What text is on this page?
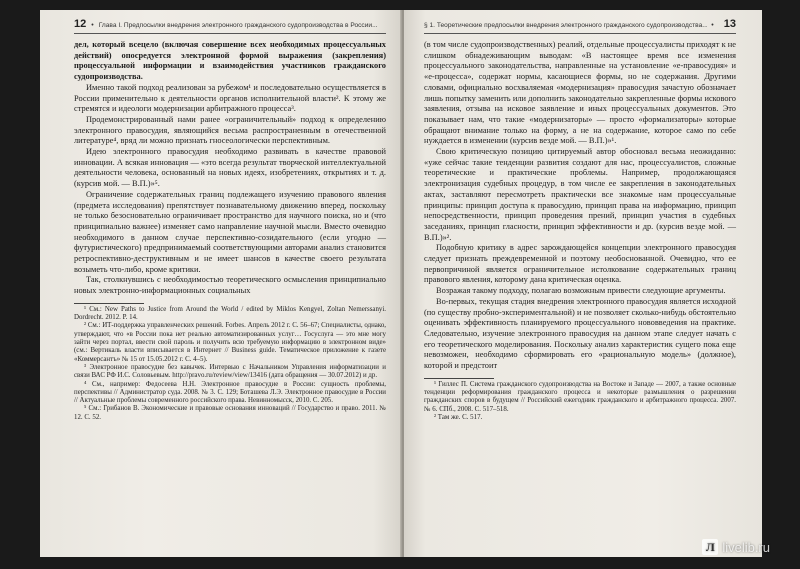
12 • Глава I. Предпосылки внедрения электронного гражданского судопроизводства в России...

дел, который всецело (включая совершение всех необходимых процессуальных действий) опосредуется электронной формой выражения (закрепления) процессуальной информации и взаимодействия участников гражданского судопроизводства.

Именно такой подход реализован за рубежом¹ и последовательно осуществляется в России применительно к деятельности органов исполнительной власти². К этому же стремятся и идеологи модернизации арбитражного процесса³.

Продемонстрированный нами ранее «ограничительный» подход к определению электронного правосудия, являющийся весьма распространенным в отечественной литературе⁴, вряд ли можно признать гносеологически перспективным.

Идею электронного правосудия необходимо развивать в качестве правовой инновации. А всякая инновация — «это всегда результат творческой интеллектуальной деятельности человека, основанный на новых идеях, изобретениях, открытиях и т. д. (курсив мой. — В.П.)»⁵.

Ограничение содержательных границ подлежащего изучению правового явления (предмета исследования) препятствует познавательному движению вперед, поскольку не только безосновательно ограничивает пространство для научного поиска, но и (что принципиально важнее) изменяет само направление научной мысли. Вместо очевидно необходимого в данном случае перспективно-созидательного (если угодно — футуристического) предпринимаемый соответствующими авторами анализ становится ретроспективно-деструктивным и не имеет шансов в качестве своего результата возыметь что-либо, кроме критики.

Так, столкнувшись с необходимостью теоретического осмысления принципиально новых электронно-информационных социальных

¹ См.: New Paths to Justice from Around the World / edited by Miklos Kengyel, Zoltan Nemerssanyi. Dordrecht. 2012. P. 14.

² См.: ИТ-поддержка управленческих решений. Forbes. Апрель 2012 г. С. 56–67; Специалисты, однако, утверждают, что «в России пока нет реально автоматизированных услуг… Госуслуга — это мне могу зайти через портал, ввести свой пароль и получить всю требуемую информацию в электронном виде» (см.: Вертикаль власти вписывается в Интернет // Business guide. Тематическое приложение к газете «Коммерсантъ» № 15 от 15.05.2012 г. С. 4–5).

³ Электронное правосудие без кавычек. Интервью с Начальником Управления информатизации и связи ВАС РФ И.С. Соловьевым. http://pravo.ru/review/view/13416 (дата обращения — 30.07.2012) и др.

⁴ См., например: Федосеева Н.Н. Электронное правосудие в России: сущность проблемы, перспективы // Администратор суда. 2008. № 3. С. 129; Боташева Л.Э. Электронное правосудие в России // Актуальные проблемы современного российского права. Невинномысск, 2010. С. 205.

⁵ См.: Грибанов В. Экономические и правовые основания инноваций // Государство и право. 2011. № 12. С. 52.

§ 1. Теоретические предпосылки внедрения электронного гражданского судопроизводства... • 13

(в том числе судопроизводственных) реалий, отдельные процессуалисты приходят к не слишком обнадеживающим выводам: «В настоящее время все изменения процессуального законодательства, направленные на установление «е-правосудия» и «е-процесса», содержат нормы, касающиеся формы, но не содержания. Другими словами, официально восхваляемая «модернизация» правосудия зачастую обозначает лишь попытку заменить или дополнить законодательно закрепленные формы искового заявления, отзыва на исковое заявление и иных процессуальных документов. Это показывает нам, что такие «модернизаторы» — просто «формализаторы» которые обращают внимание только на форму, а не на содержание, которое само по себе нуждается в изменении (курсив везде мой. — В.П.)»¹.

Свою критическую позицию цитируемый автор обосновал весьма неожиданно: «уже сейчас такие тенденции развития создают для нас, процессуалистов, сложные теоретические и практические проблемы. Например, продолжающаяся электронизация судебных процедур, в том числе ее закрепления в законодательных актах, заставляют пересмотреть практически все знакомые нам процессуальные принципы: принцип доступа к правосудию, принцип права на информацию, принцип непосредственности, принцип проведения прений, принцип участия в судебных заседаниях, принцип гласности, принцип эффективности и др. (курсив везде мой. — В.П.)»².

Подобную критику в адрес зарождающейся концепции электронного правосудия следует признать преждевременной и поэтому необоснованной. Очевидно, что ее первопричиной является ограничительное истолкование содержательных границ правового явления, которому дана критическая оценка.

Возражая такому подходу, полагаю возможным привести следующие аргументы.

Во-первых, текущая стадия внедрения электронного правосудия является исходной (по существу пробно-экспериментальной) и не позволяет сколько-нибудь обстоятельно оценивать эффективность планируемого процессуального нововведения на практике. Следовательно, изучение электронного правосудия на данном этапе следует начать с его теоретического моделирования. Поскольку анализ характеристик сущего пока еще невозможен, необходимо сформировать его «рациональную модель» (должное), которой и предстоит

¹ Гиллес П. Система гражданского судопроизводства на Востоке и Западе — 2007, а также основные тенденции реформирования гражданского процесса и некоторые размышления о разрешении гражданских споров в будущем // Российский ежегодник гражданского и арбитражного процесса. 2007. № 6. СПб., 2008. С. 517–518.

² Там же. С. 517.

Л livelib.ru
